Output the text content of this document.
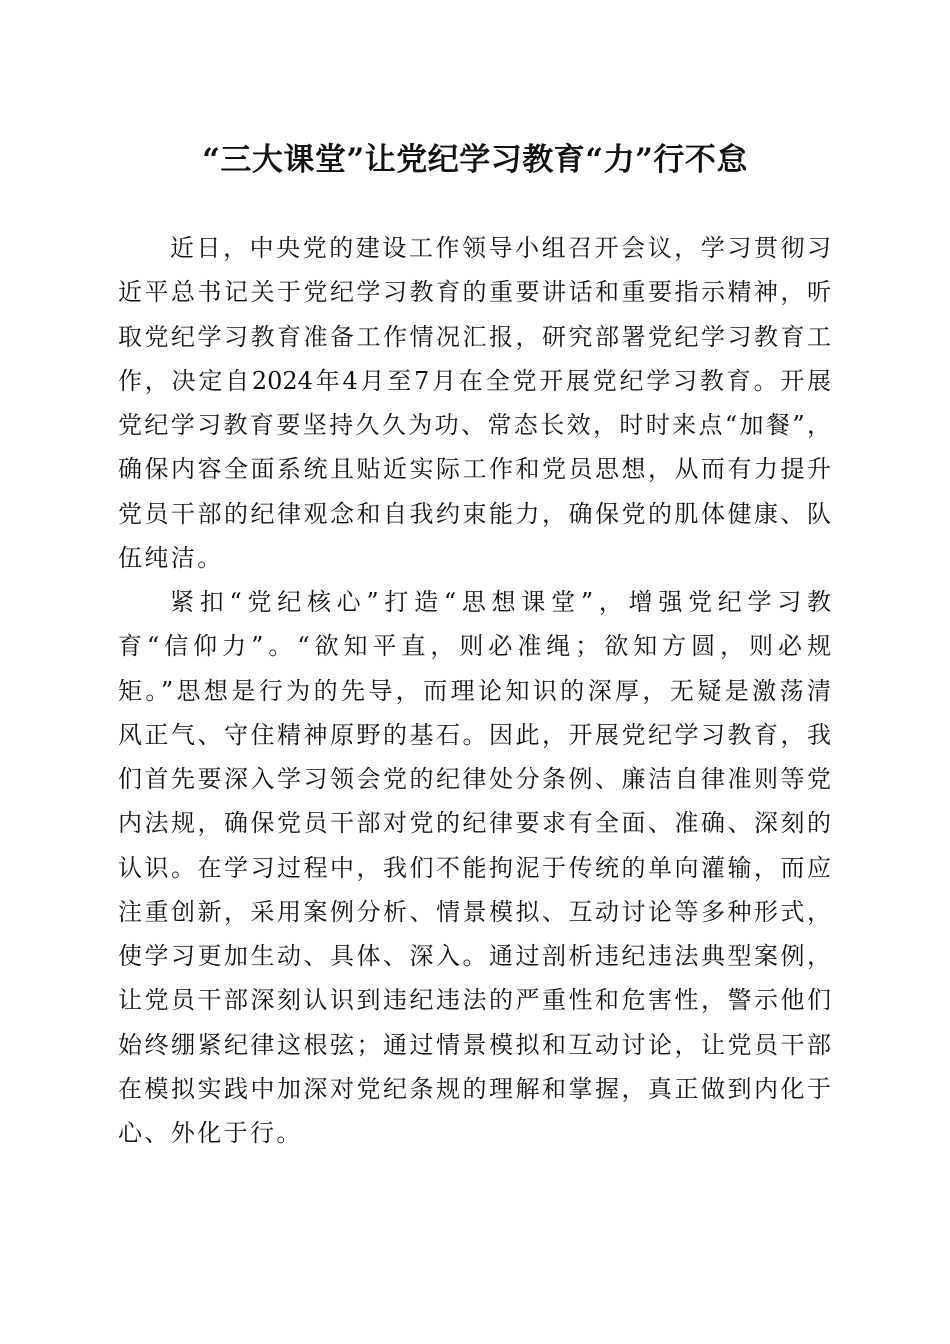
“三大课堂”让党纪学习教育“力”行不怠
近日，中央党的建设工作领导小组召开会议，学习贯彻习
近平总书记关于党纪学习教育的重要讲话和重要指示精神，听
取党纪学习教育准备工作情况汇报，研究部署党纪学习教育工
作，决定自2024年4月至7月在全党开展党纪学习教育。开展
党纪学习教育要坚持久久为功、常态长效，时时来点“加餐”，
确保内容全面系统且贴近实际工作和党员思想，从而有力提升
党员干部的纪律观念和自我约束能力，确保党的肌体健康、队
伍纯洁。
紧扣“党纪核心”打造“思想课堂”，增强党纪学习教
育“信仰力”。“欲知平直，则必准绳；欲知方圆，则必规
矩。”思想是行为的先导，而理论知识的深厚，无疑是激荡清
风正气、守住精神原野的基石。因此，开展党纪学习教育，我
们首先要深入学习领会党的纪律处分条例、廉洁自律准则等党
内法规，确保党员干部对党的纪律要求有全面、准确、深刻的
认识。在学习过程中，我们不能拘泥于传统的单向灌输，而应
注重创新，采用案例分析、情景模拟、互动讨论等多种形式，
使学习更加生动、具体、深入。通过剖析违纪违法典型案例，
让党员干部深刻认识到违纪违法的严重性和危害性，警示他们
始终绷紧纪律这根弦；通过情景模拟和互动讨论，让党员干部
在模拟实践中加深对党纪条规的理解和掌握，真正做到内化于
心、外化于行。
